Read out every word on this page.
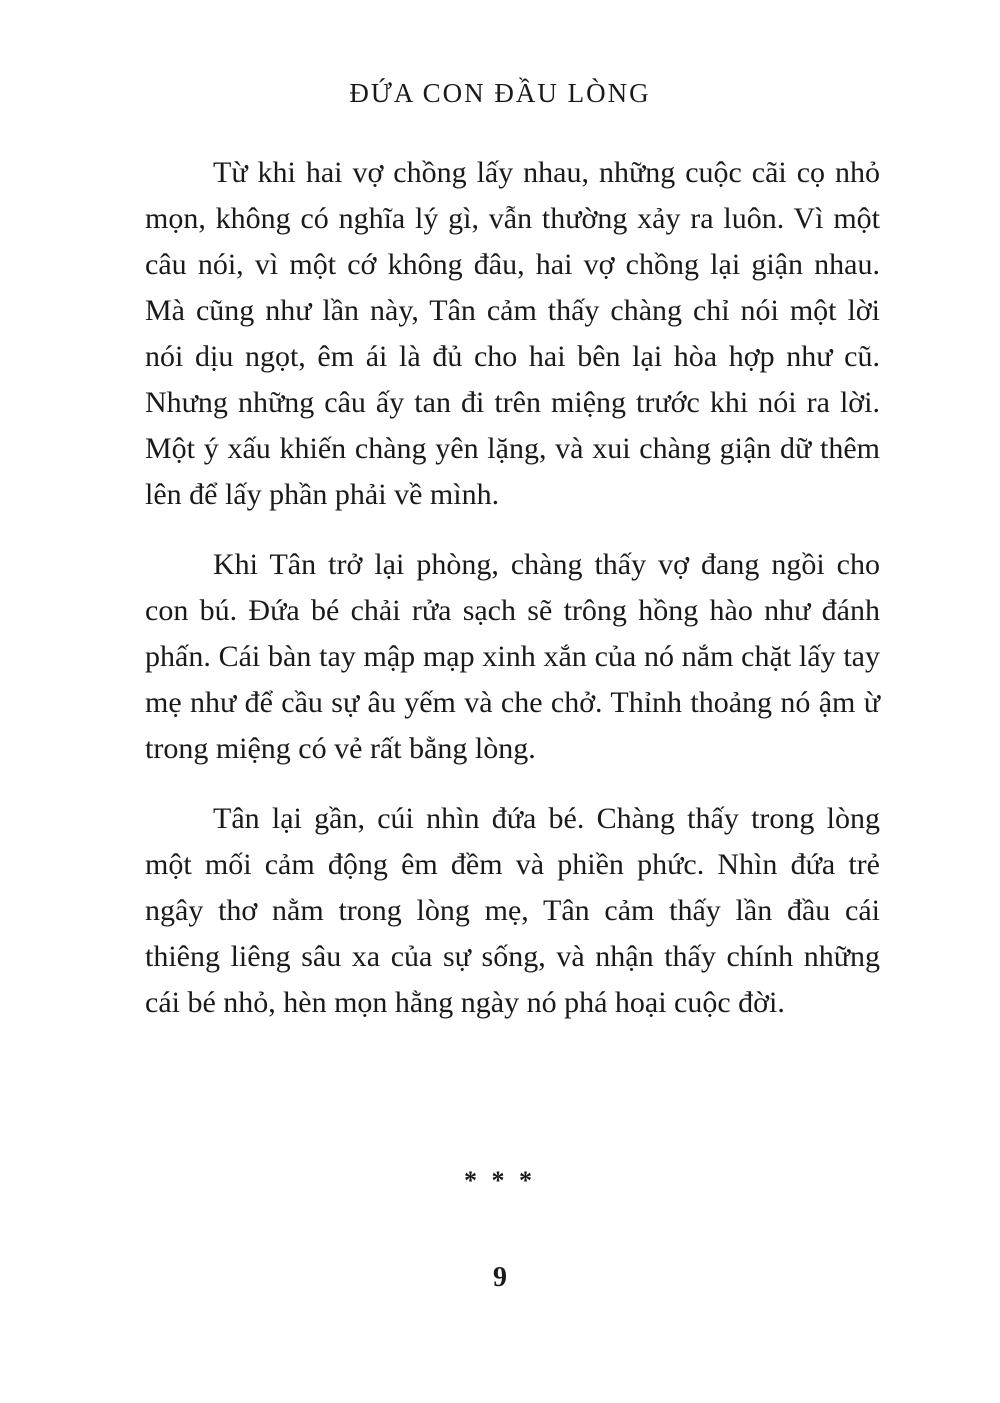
ĐỨA CON ĐẦU LÒNG

Từ khi hai vợ chồng lấy nhau, những cuộc cãi cọ nhỏ mọn, không có nghĩa lý gì, vẫn thường xảy ra luôn. Vì một câu nói, vì một cớ không đâu, hai vợ chồng lại giận nhau. Mà cũng như lần này, Tân cảm thấy chàng chỉ nói một lời nói dịu ngọt, êm ái là đủ cho hai bên lại hòa hợp như cũ. Nhưng những câu ấy tan đi trên miệng trước khi nói ra lời. Một ý xấu khiến chàng yên lặng, và xui chàng giận dữ thêm lên để lấy phần phải về mình.

Khi Tân trở lại phòng, chàng thấy vợ đang ngồi cho con bú. Đứa bé chải rửa sạch sẽ trông hồng hào như đánh phấn. Cái bàn tay mập mạp xinh xắn của nó nắm chặt lấy tay mẹ như để cầu sự âu yếm và che chở. Thỉnh thoảng nó ậm ừ trong miệng có vẻ rất bằng lòng.

Tân lại gần, cúi nhìn đứa bé. Chàng thấy trong lòng một mối cảm động êm đềm và phiền phức. Nhìn đứa trẻ ngây thơ nằm trong lòng mẹ, Tân cảm thấy lần đầu cái thiêng liêng sâu xa của sự sống, và nhận thấy chính những cái bé nhỏ, hèn mọn hằng ngày nó phá hoại cuộc đời.

* * *

9
